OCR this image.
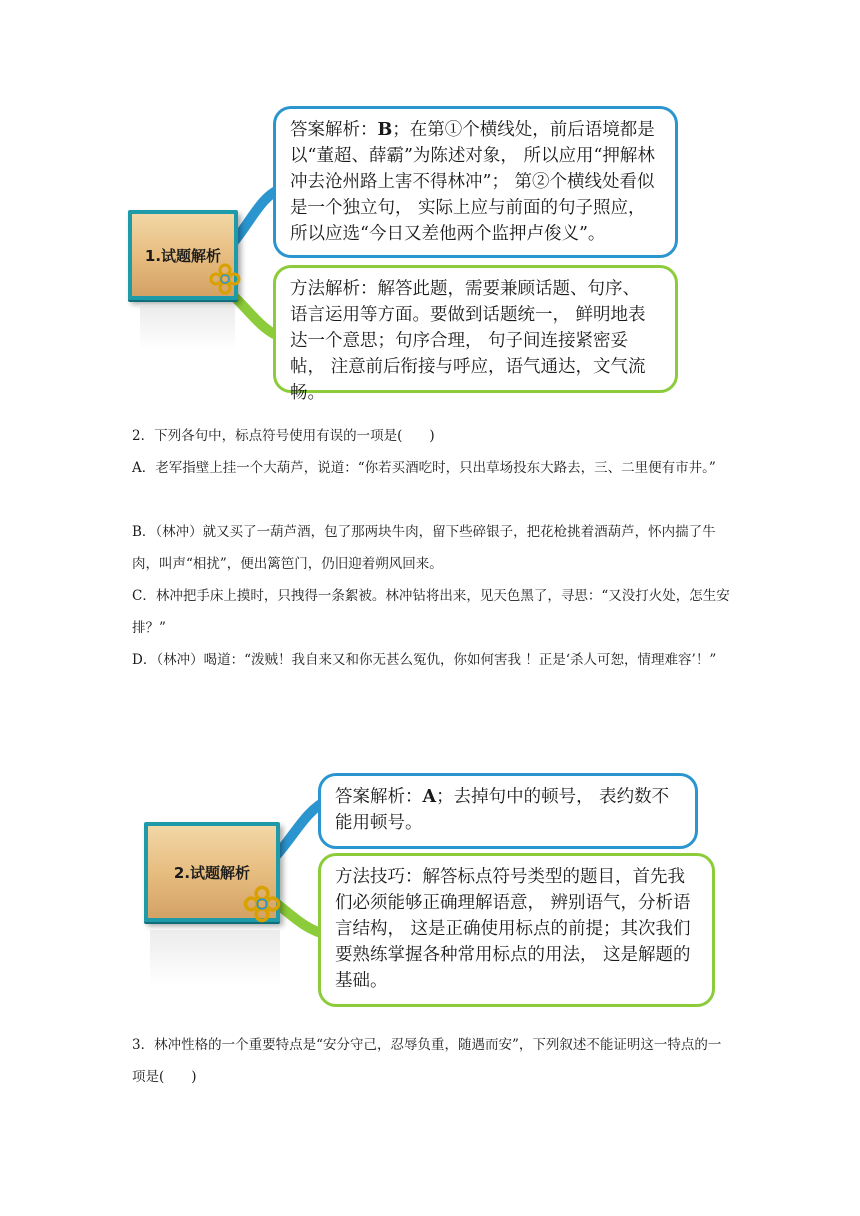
1.试题解析
答案解析：B；在第①个横线处，前后语境都是以“董超、薛霸”为陈述对象， 所以应用“押解林冲去沧州路上害不得林冲”； 第②个横线处看似是一个独立句， 实际上应与前面的句子照应， 所以应选“今日又差他两个监押卢俊义”。
方法解析：解答此题，需要兼顾话题、句序、 语言运用等方面。要做到话题统一， 鲜明地表达一个意思；句序合理， 句子间连接紧密妥帖， 注意前后衔接与呼应，语气通达，文气流畅。
2．下列各句中，标点符号使用有误的一项是(　　)
A．老军指壁上挂一个大葫芦，说道：“你若买酒吃时，只出草场投东大路去，三、二里便有市井。”
B．（林冲）就又买了一葫芦酒，包了那两块牛肉，留下些碎银子，把花枪挑着酒葫芦，怀内揣了牛肉，叫声“相扰”，便出篱笆门，仍旧迎着朔风回来。
C．林冲把手床上摸时，只拽得一条絮被。林冲钻将出来，见天色黑了，寻思：“又没打火处，怎生安排？”
D．（林冲）喝道：“泼贼！我自来又和你无甚么冤仇，你如何害我 ！正是‘杀人可恕，情理难容’！”
2.试题解析
答案解析：A；去掉句中的顿号， 表约数不能用顿号。
方法技巧：解答标点符号类型的题目，首先我们必须能够正确理解语意， 辨别语气，分析语言结构， 这是正确使用标点的前提；其次我们要熟练掌握各种常用标点的用法， 这是解题的基础。
3．林冲性格的一个重要特点是“安分守己，忍辱负重，随遇而安”，下列叙述不能证明这一特点的一项是(　　)
